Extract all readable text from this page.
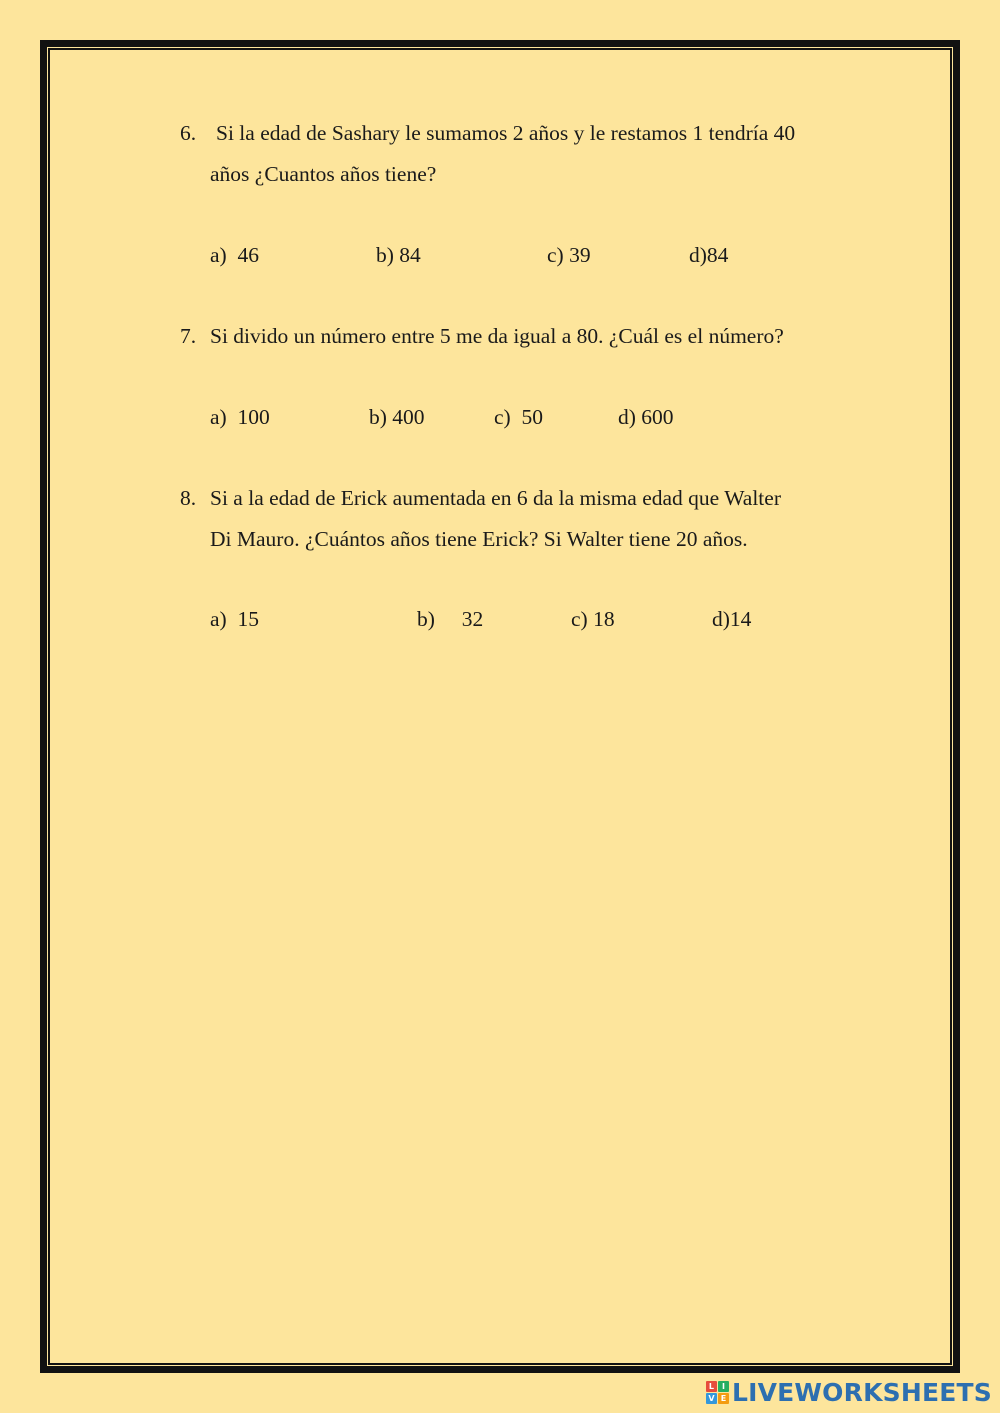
6. Si la edad de Sashary le sumamos 2 años y le restamos 1 tendría 40
años ¿Cuantos años tiene?
a)  46	b) 84	c) 39	d)84
7. Si divido un número entre 5 me da igual a 80. ¿Cuál es el número?
a)  100	b) 400	c)  50	d) 600
8. Si a la edad de Erick aumentada en 6 da la misma edad que Walter
Di Mauro. ¿Cuántos años tiene Erick? Si Walter tiene 20 años.
a)  15	b)     32	c) 18	d)14
L I
V E LIVEWORKSHEETS
